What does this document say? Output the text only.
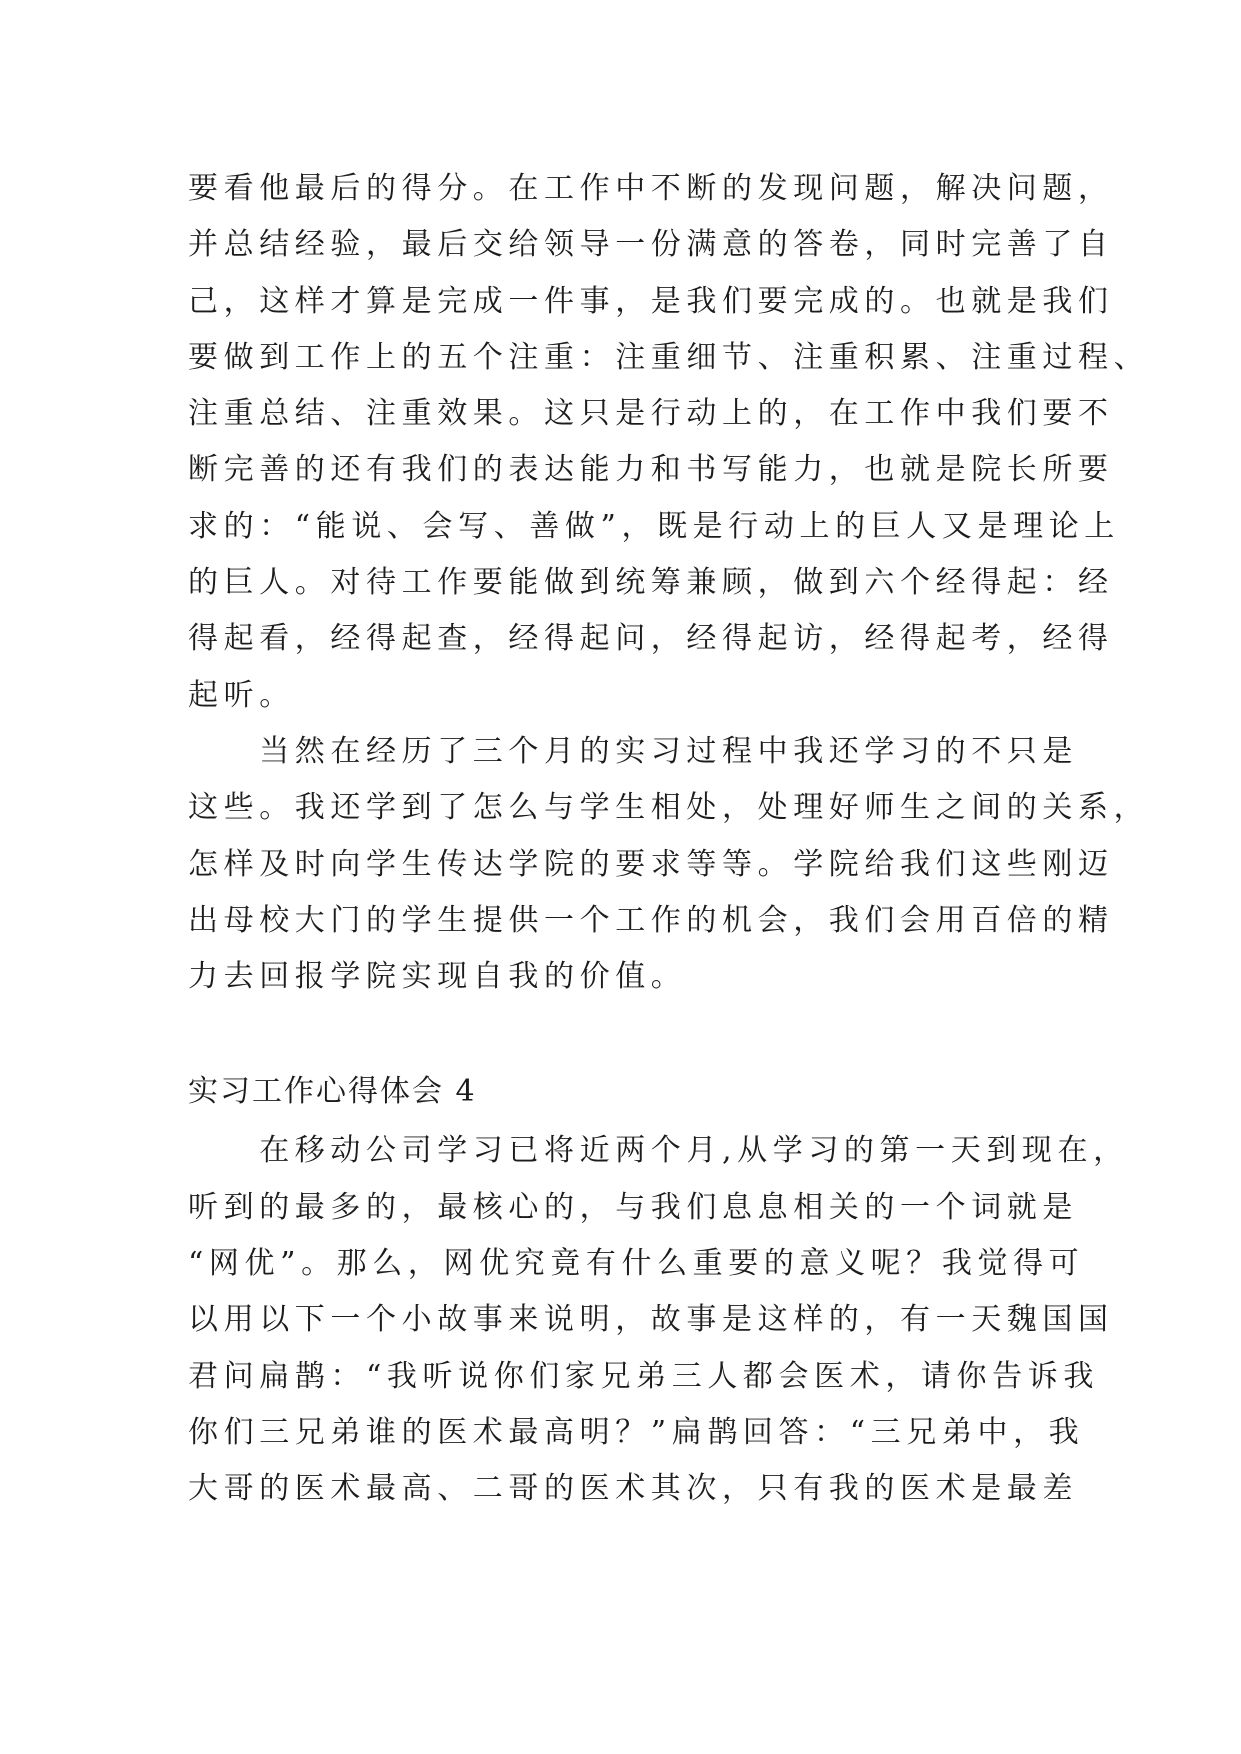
要看他最后的得分。在工作中不断的发现问题，解决问题，
并总结经验，最后交给领导一份满意的答卷，同时完善了自
己，这样才算是完成一件事，是我们要完成的。也就是我们
要做到工作上的五个注重：注重细节、注重积累、注重过程、
注重总结、注重效果。这只是行动上的，在工作中我们要不
断完善的还有我们的表达能力和书写能力，也就是院长所要
求的：“能说、会写、善做”，既是行动上的巨人又是理论上
的巨人。对待工作要能做到统筹兼顾，做到六个经得起：经
得起看，经得起查，经得起问，经得起访，经得起考，经得
起听。
　　当然在经历了三个月的实习过程中我还学习的不只是
这些。我还学到了怎么与学生相处，处理好师生之间的关系，
怎样及时向学生传达学院的要求等等。学院给我们这些刚迈
出母校大门的学生提供一个工作的机会，我们会用百倍的精
力去回报学院实现自我的价值。
实习工作心得体会 4
　　在移动公司学习已将近两个月,从学习的第一天到现在，
听到的最多的，最核心的，与我们息息相关的一个词就是
“网优”。那么，网优究竟有什么重要的意义呢？我觉得可
以用以下一个小故事来说明，故事是这样的，有一天魏国国
君问扁鹊：“我听说你们家兄弟三人都会医术，请你告诉我
你们三兄弟谁的医术最高明？”扁鹊回答：“三兄弟中，我
大哥的医术最高、二哥的医术其次，只有我的医术是最差
